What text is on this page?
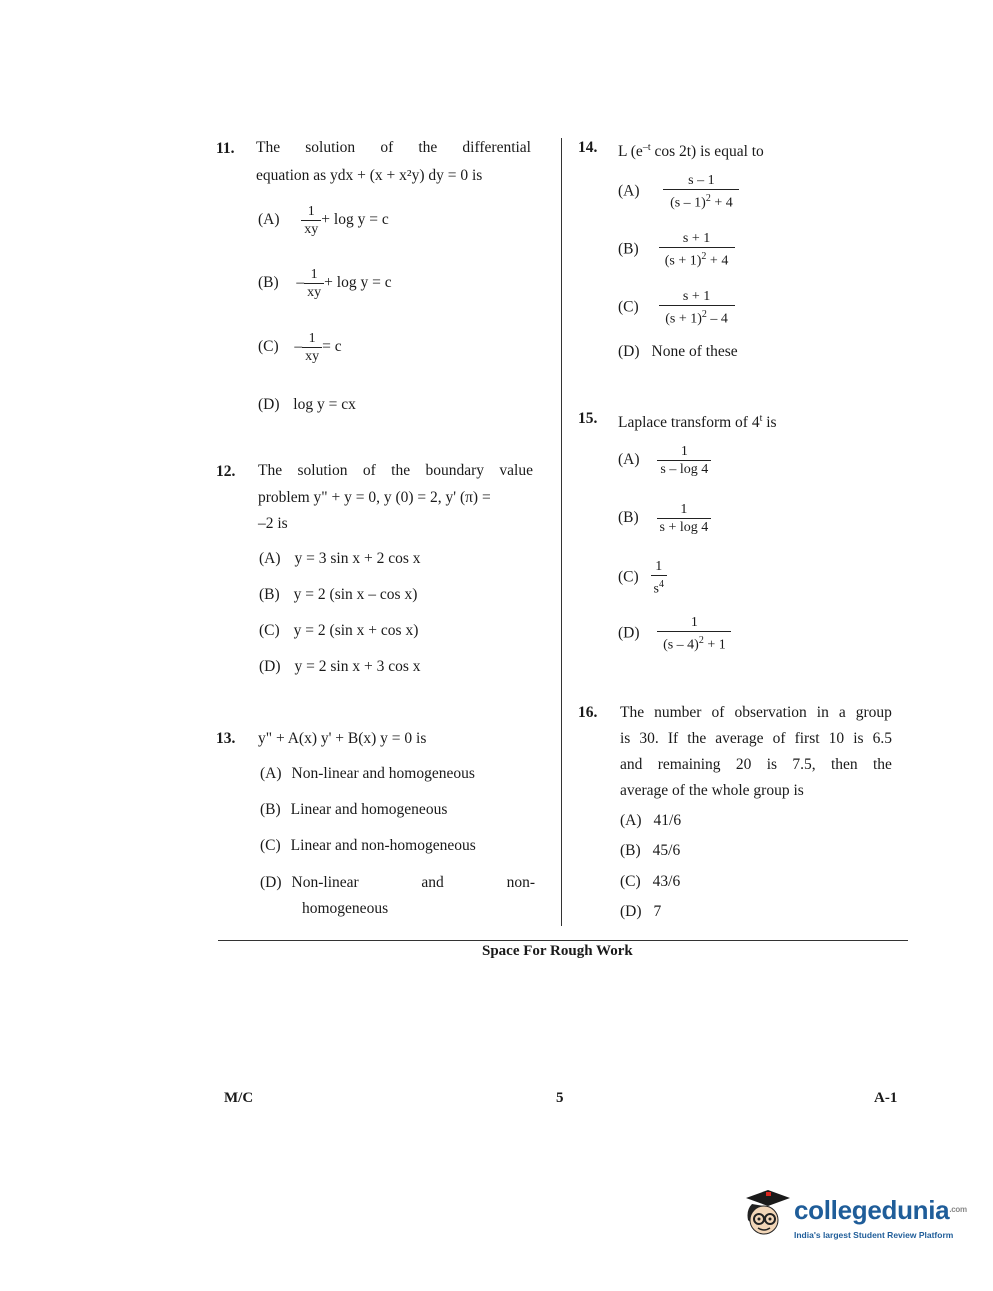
11. The solution of the differential
equation as ydx + (x + x²y) dy = 0 is
$(A) \frac{1}{xy} + \log y = c$
$(B) - \frac{1}{xy} + \log y = c$
$(C) - \frac{1}{xy} = c$
(D) log y = cx
12. The solution of the boundary value
problem y" + y = 0, y (0) = 2, y' (π) =
–2 is
(A) y = 3 sin x + 2 cos x
(B) y = 2 (sin x – cos x)
(C) y = 2 (sin x + cos x)
(D) y = 2 sin x + 3 cos x
13. y" + A(x) y' + B(x) y = 0 is
(A) Non-linear and homogeneous
(B) Linear and homogeneous
(C) Linear and non-homogeneous
(D) Non-linear	and	non-
homogeneous
14. L ($e^{-t}$ cos 2t) is equal to
$(A) \frac{s - 1}{(s - 1)^2 + 4}$
$(B) \frac{s + 1}{(s + 1)^2 + 4}$
$(C) \frac{s + 1}{(s + 1)^2 - 4}$
(D) None of these
15. Laplace transform of 4$^t$ is
$(A) \frac{1}{s - \log 4}$
$(B) \frac{1}{s + \log 4}$
$(C) \frac{1}{s^4}$
$(D) \frac{1}{(s - 4)^2 + 1}$
16. The number of observation in a group
is 30. If the average of first 10 is 6.5
and remaining 20 is 7.5, then the
average of the whole group is
(A) 41/6
(B) 45/6
(C) 43/6
(D) 7
Space For Rough Work
M/C	5	A-1
collegedunia$^{.com}$
India's largest Student Review Platform
